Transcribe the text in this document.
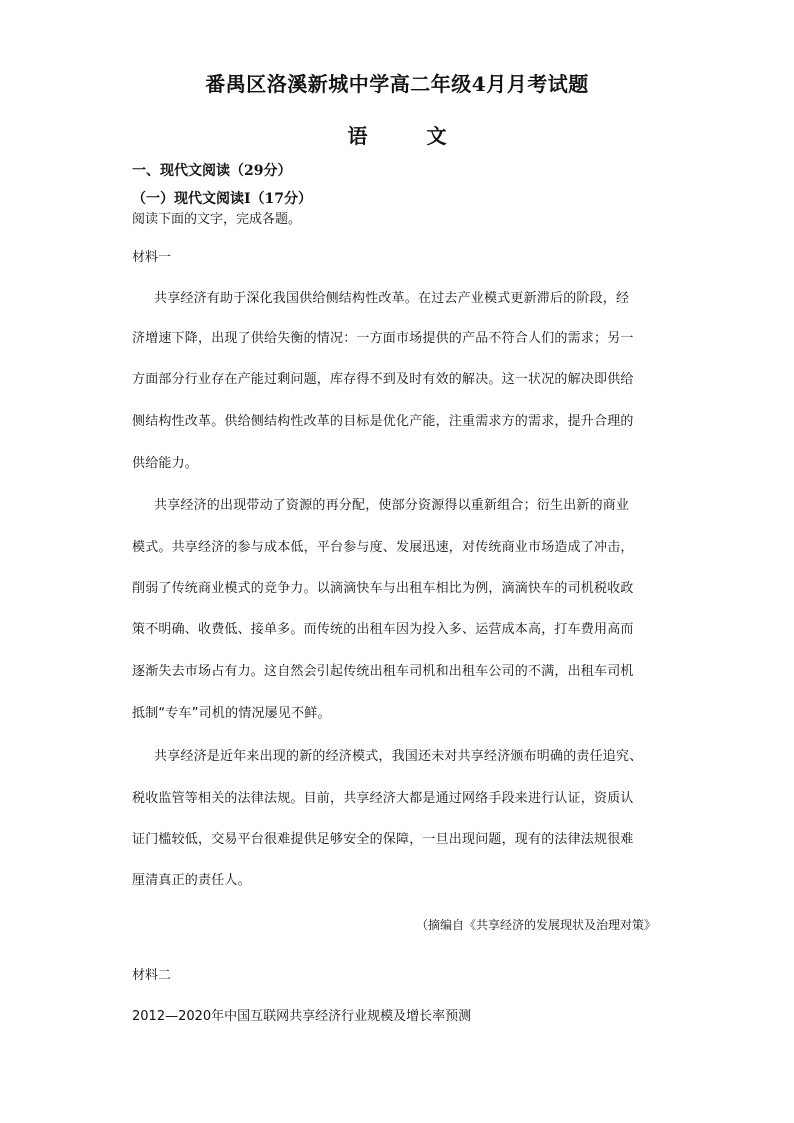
番禺区洛溪新城中学高二年级4月月考试题
语 文
一、现代文阅读（29分）
（一）现代文阅读Ⅰ（17分）
阅读下面的文字，完成各题。
材料一
共享经济有助于深化我国供给侧结构性改革。在过去产业模式更新滞后的阶段，经
济增速下降，出现了供给失衡的情况：一方面市场提供的产品不符合人们的需求；另一
方面部分行业存在产能过剩问题，库存得不到及时有效的解决。这一状况的解决即供给
侧结构性改革。供给侧结构性改革的目标是优化产能，注重需求方的需求，提升合理的
供给能力。
共享经济的出现带动了资源的再分配，使部分资源得以重新组合；衍生出新的商业
模式。共享经济的参与成本低，平台参与度、发展迅速，对传统商业市场造成了冲击，
削弱了传统商业模式的竞争力。以滴滴快车与出租车相比为例，滴滴快车的司机税收政
策不明确、收费低、接单多。而传统的出租车因为投入多、运营成本高，打车费用高而
逐渐失去市场占有力。这自然会引起传统出租车司机和出租车公司的不满，出租车司机
抵制“专车”司机的情况屡见不鲜。
共享经济是近年来出现的新的经济模式，我国还未对共享经济颁布明确的责任追究、
税收监管等相关的法律法规。目前，共享经济大都是通过网络手段来进行认证，资质认
证门槛较低，交易平台很难提供足够安全的保障，一旦出现问题，现有的法律法规很难
厘清真正的责任人。
（摘编自《共享经济的发展现状及治理对策》
材料二
2012—2020年中国互联网共享经济行业规模及增长率预测
